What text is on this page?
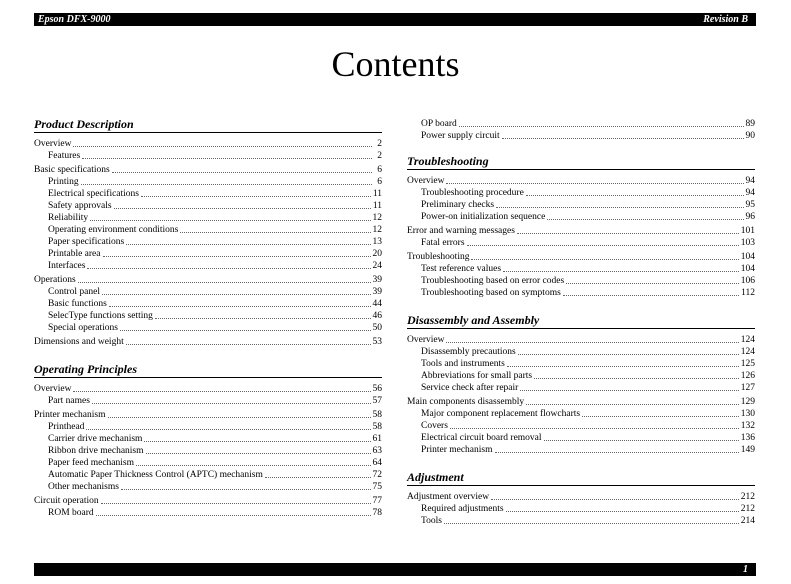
Epson DFX-9000	Revision B
Contents
Product Description
Overview	2
Features	2
Basic specifications	6
Printing	6
Electrical specifications	11
Safety approvals	11
Reliability	12
Operating environment conditions	12
Paper specifications	13
Printable area	20
Interfaces	24
Operations	39
Control panel	39
Basic functions	44
SelecType functions setting	46
Special operations	50
Dimensions and weight	53
Operating Principles
Overview	56
Part names	57
Printer mechanism	58
Printhead	58
Carrier drive mechanism	61
Ribbon drive mechanism	63
Paper feed mechanism	64
Automatic Paper Thickness Control (APTC) mechanism	72
Other mechanisms	75
Circuit operation	77
ROM board	78
OP board	89
Power supply circuit	90
Troubleshooting
Overview	94
Troubleshooting procedure	94
Preliminary checks	95
Power-on initialization sequence	96
Error and warning messages	101
Fatal errors	103
Troubleshooting	104
Test reference values	104
Troubleshooting based on error codes	106
Troubleshooting based on symptoms	112
Disassembly and Assembly
Overview	124
Disassembly precautions	124
Tools and instruments	125
Abbreviations for small parts	126
Service check after repair	127
Main components disassembly	129
Major component replacement flowcharts	130
Covers	132
Electrical circuit board removal	136
Printer mechanism	149
Adjustment
Adjustment overview	212
Required adjustments	212
Tools	214
1
